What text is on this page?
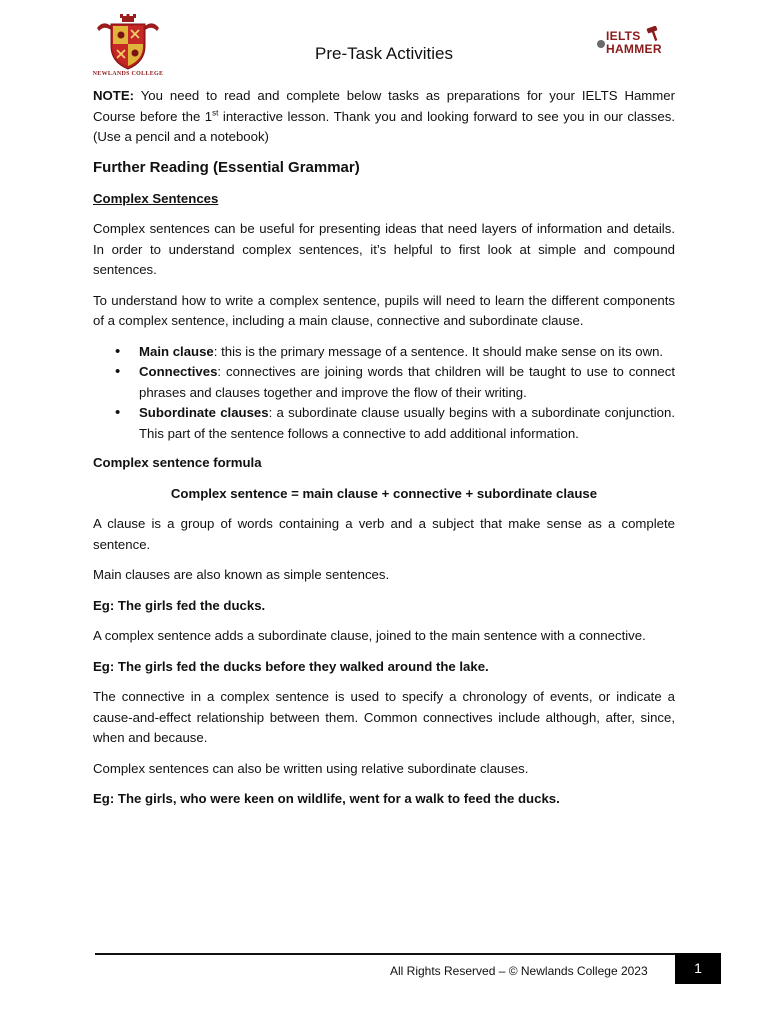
NEWLANDS COLLEGE
Pre-Task Activities
IELTS
HAMMER

NOTE: You need to read and complete below tasks as preparations for your IELTS Hammer Course before the 1st interactive lesson. Thank you and looking forward to see you in our classes. (Use a pencil and a notebook)

Further Reading (Essential Grammar)

Complex Sentences

Complex sentences can be useful for presenting ideas that need layers of information and details. In order to understand complex sentences, it’s helpful to first look at simple and compound sentences.

To understand how to write a complex sentence, pupils will need to learn the different components of a complex sentence, including a main clause, connective and subordinate clause.

• Main clause: this is the primary message of a sentence. It should make sense on its own.
• Connectives: connectives are joining words that children will be taught to use to connect phrases and clauses together and improve the flow of their writing.
• Subordinate clauses: a subordinate clause usually begins with a subordinate conjunction. This part of the sentence follows a connective to add additional information.

Complex sentence formula

Complex sentence = main clause + connective + subordinate clause

A clause is a group of words containing a verb and a subject that make sense as a complete sentence.

Main clauses are also known as simple sentences.

Eg: The girls fed the ducks.

A complex sentence adds a subordinate clause, joined to the main sentence with a connective.

Eg: The girls fed the ducks before they walked around the lake.

The connective in a complex sentence is used to specify a chronology of events, or indicate a cause-and-effect relationship between them. Common connectives include although, after, since, when and because.

Complex sentences can also be written using relative subordinate clauses.

Eg: The girls, who were keen on wildlife, went for a walk to feed the ducks.

All Rights Reserved – © Newlands College 2023	1
